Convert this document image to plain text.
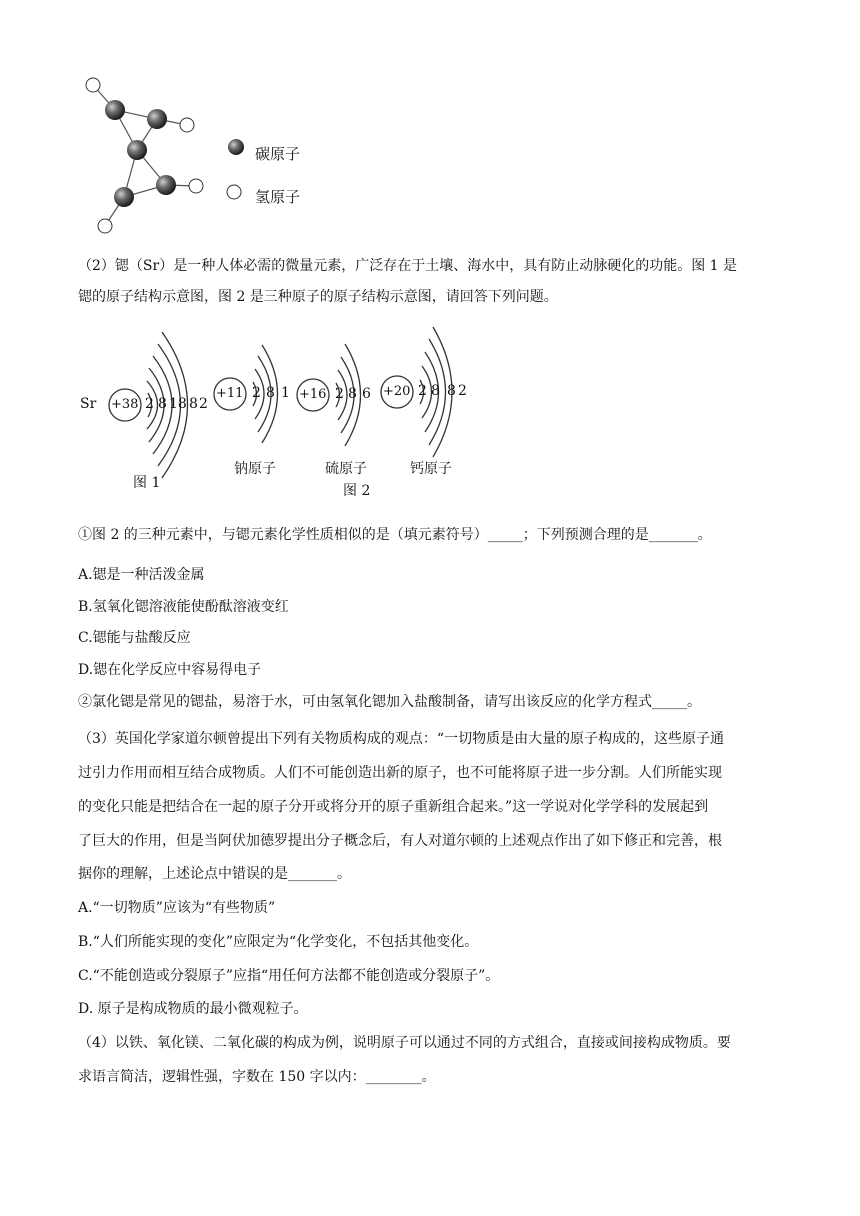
碳原子
氢原子
（2）锶（Sr）是一种人体必需的微量元素，广泛存在于土壤、海水中，具有防止动脉硬化的功能。图 1 是
锶的原子结构示意图，图 2 是三种原子的原子结构示意图，请回答下列问题。
Sr +38 2 8 18 8 2
图 1
+11 2 8 1
钠原子
+16 2 8 6
硫原子
图 2
+20 2 8 8 2
钙原子
①图 2 的三种元素中，与锶元素化学性质相似的是（填元素符号）_____；下列预测合理的是_______。
A.锶是一种活泼金属
B.氢氧化锶溶液能使酚酞溶液变红
C.锶能与盐酸反应
D.锶在化学反应中容易得电子
②氯化锶是常见的锶盐，易溶于水，可由氢氧化锶加入盐酸制备，请写出该反应的化学方程式_____。
（3）英国化学家道尔顿曾提出下列有关物质构成的观点：“一切物质是由大量的原子构成的，这些原子通
过引力作用而相互结合成物质。人们不可能创造出新的原子，也不可能将原子进一步分割。人们所能实现
的变化只能是把结合在一起的原子分开或将分开的原子重新组合起来。”这一学说对化学学科的发展起到
了巨大的作用，但是当阿伏加德罗提出分子概念后，有人对道尔顿的上述观点作出了如下修正和完善，根
据你的理解，上述论点中错误的是_______。
A.“一切物质”应该为“有些物质”
B.“人们所能实现的变化”应限定为“化学变化，不包括其他变化。
C.“不能创造或分裂原子”应指“用任何方法都不能创造或分裂原子”。
D. 原子是构成物质的最小微观粒子。
（4）以铁、氧化镁、二氧化碳的构成为例，说明原子可以通过不同的方式组合，直接或间接构成物质。要
求语言简洁，逻辑性强，字数在 150 字以内：________。
